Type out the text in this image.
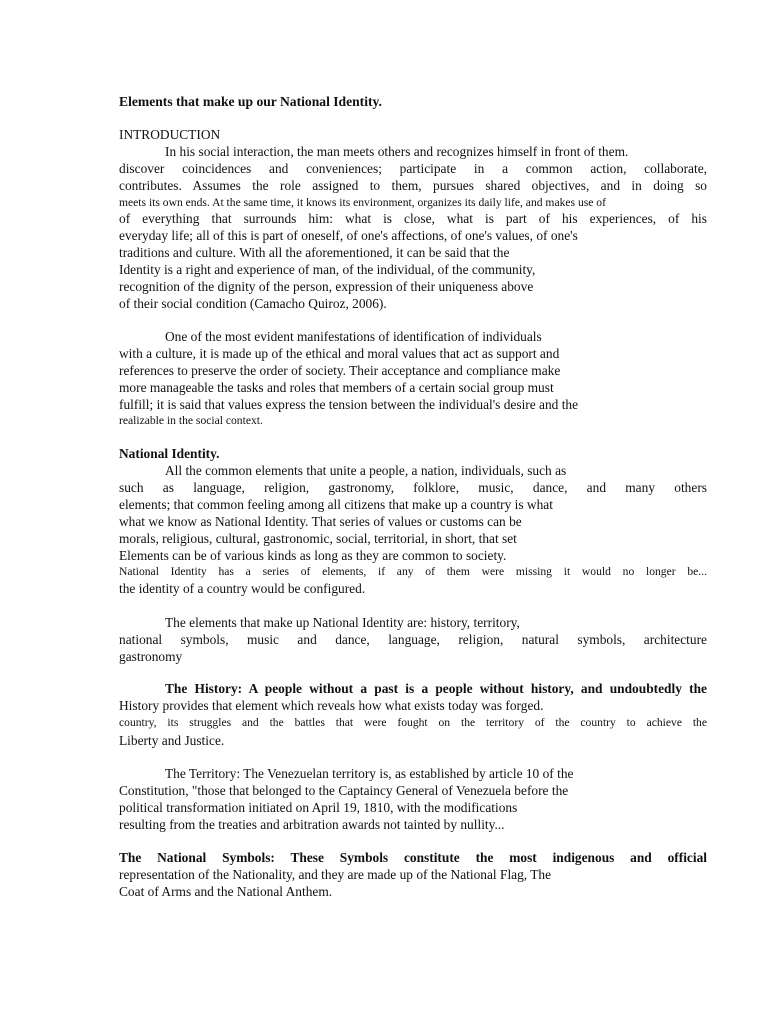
Elements that make up our National Identity.

INTRODUCTION

In his social interaction, the man meets others and recognizes himself in front of them.

discover coincidences and conveniences; participate in a common action, collaborate,

contributes. Assumes the role assigned to them, pursues shared objectives, and in doing so

meets its own ends. At the same time, it knows its environment, organizes its daily life, and makes use of

of everything that surrounds him: what is close, what is part of his experiences, of his

everyday life; all of this is part of oneself, of one's affections, of one's values, of one's

traditions and culture. With all the aforementioned, it can be said that the

Identity is a right and experience of man, of the individual, of the community,

recognition of the dignity of the person, expression of their uniqueness above

of their social condition (Camacho Quiroz, 2006).

One of the most evident manifestations of identification of individuals

with a culture, it is made up of the ethical and moral values that act as support and

references to preserve the order of society. Their acceptance and compliance make

more manageable the tasks and roles that members of a certain social group must

fulfill; it is said that values express the tension between the individual's desire and the

realizable in the social context.

National Identity.

All the common elements that unite a people, a nation, individuals, such as

such as language, religion, gastronomy, folklore, music, dance, and many others

elements; that common feeling among all citizens that make up a country is what

what we know as National Identity. That series of values or customs can be

morals, religious, cultural, gastronomic, social, territorial, in short, that set

Elements can be of various kinds as long as they are common to society.

National Identity has a series of elements, if any of them were missing it would no longer be...

the identity of a country would be configured.

The elements that make up National Identity are: history, territory,

national symbols, music and dance, language, religion, natural symbols, architecture

gastronomy

The History: A people without a past is a people without history, and undoubtedly the

History provides that element which reveals how what exists today was forged.

country, its struggles and the battles that were fought on the territory of the country to achieve the

Liberty and Justice.

The Territory: The Venezuelan territory is, as established by article 10 of the

Constitution, "those that belonged to the Captaincy General of Venezuela before the

political transformation initiated on April 19, 1810, with the modifications

resulting from the treaties and arbitration awards not tainted by nullity...

The National Symbols: These Symbols constitute the most indigenous and official

representation of the Nationality, and they are made up of the National Flag, The

Coat of Arms and the National Anthem.
